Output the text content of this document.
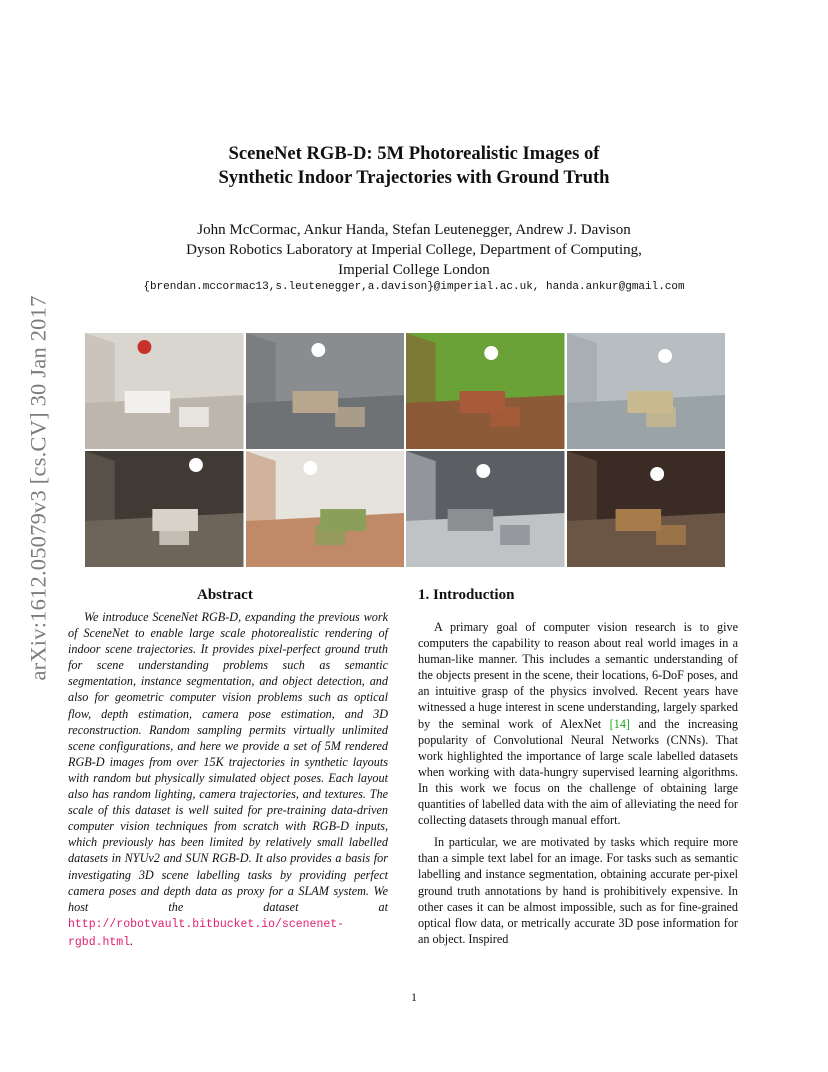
arXiv:1612.05079v3 [cs.CV] 30 Jan 2017
SceneNet RGB-D: 5M Photorealistic Images of
Synthetic Indoor Trajectories with Ground Truth
John McCormac, Ankur Handa, Stefan Leutenegger, Andrew J. Davison
Dyson Robotics Laboratory at Imperial College, Department of Computing,
Imperial College London
{brendan.mccormac13,s.leutenegger,a.davison}@imperial.ac.uk, handa.ankur@gmail.com
Abstract
We introduce SceneNet RGB-D, expanding the previous work of SceneNet to enable large scale photorealistic rendering of indoor scene trajectories. It provides pixel-perfect ground truth for scene understanding problems such as semantic segmentation, instance segmentation, and object detection, and also for geometric computer vision problems such as optical flow, depth estimation, camera pose estimation, and 3D reconstruction. Random sampling permits virtually unlimited scene configurations, and here we provide a set of 5M rendered RGB-D images from over 15K trajectories in synthetic layouts with random but physically simulated object poses. Each layout also has random lighting, camera trajectories, and textures. The scale of this dataset is well suited for pre-training data-driven computer vision techniques from scratch with RGB-D inputs, which previously has been limited by relatively small labelled datasets in NYUv2 and SUN RGB-D. It also provides a basis for investigating 3D scene labelling tasks by providing perfect camera poses and depth data as proxy for a SLAM system. We host the dataset at http://robotvault.bitbucket.io/scenenet-rgbd.html.
1. Introduction

A primary goal of computer vision research is to give computers the capability to reason about real world images in a human-like manner. This includes a semantic understanding of the objects present in the scene, their locations, 6-DoF poses, and an intuitive grasp of the physics involved. Recent years have witnessed a huge interest in scene understanding, largely sparked by the seminal work of AlexNet [14] and the increasing popularity of Convolutional Neural Networks (CNNs). That work highlighted the importance of large scale labelled datasets when working with data-hungry supervised learning algorithms. In this work we focus on the challenge of obtaining large quantities of labelled data with the aim of alleviating the need for collecting datasets through manual effort.

In particular, we are motivated by tasks which require more than a simple text label for an image. For tasks such as semantic labelling and instance segmentation, obtaining accurate per-pixel ground truth annotations by hand is prohibitively expensive. In other cases it can be almost impossible, such as for fine-grained optical flow data, or metrically accurate 3D pose information for an object. Inspired

1
